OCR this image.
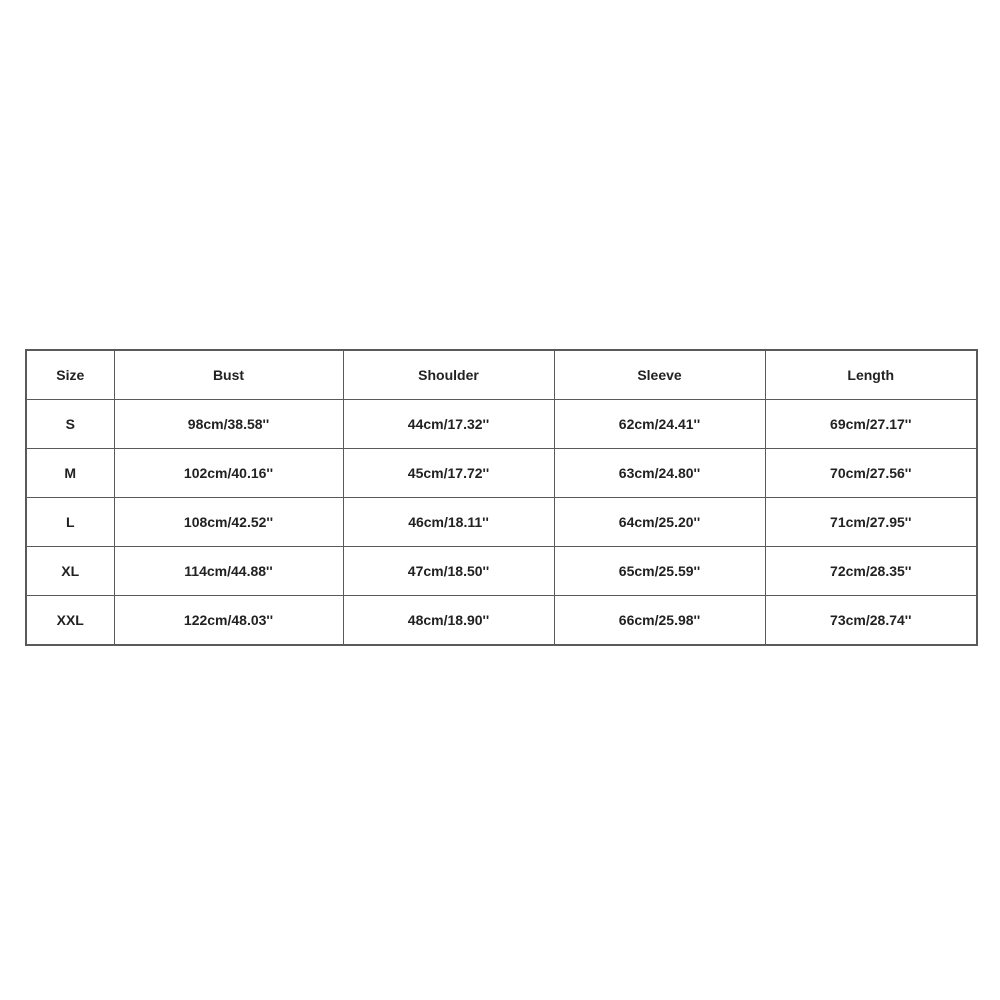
Size	Bust	Shoulder	Sleeve	Length
S	98cm/38.58''	44cm/17.32''	62cm/24.41''	69cm/27.17''
M	102cm/40.16''	45cm/17.72''	63cm/24.80''	70cm/27.56''
L	108cm/42.52''	46cm/18.11''	64cm/25.20''	71cm/27.95''
XL	114cm/44.88''	47cm/18.50''	65cm/25.59''	72cm/28.35''
XXL	122cm/48.03''	48cm/18.90''	66cm/25.98''	73cm/28.74''
